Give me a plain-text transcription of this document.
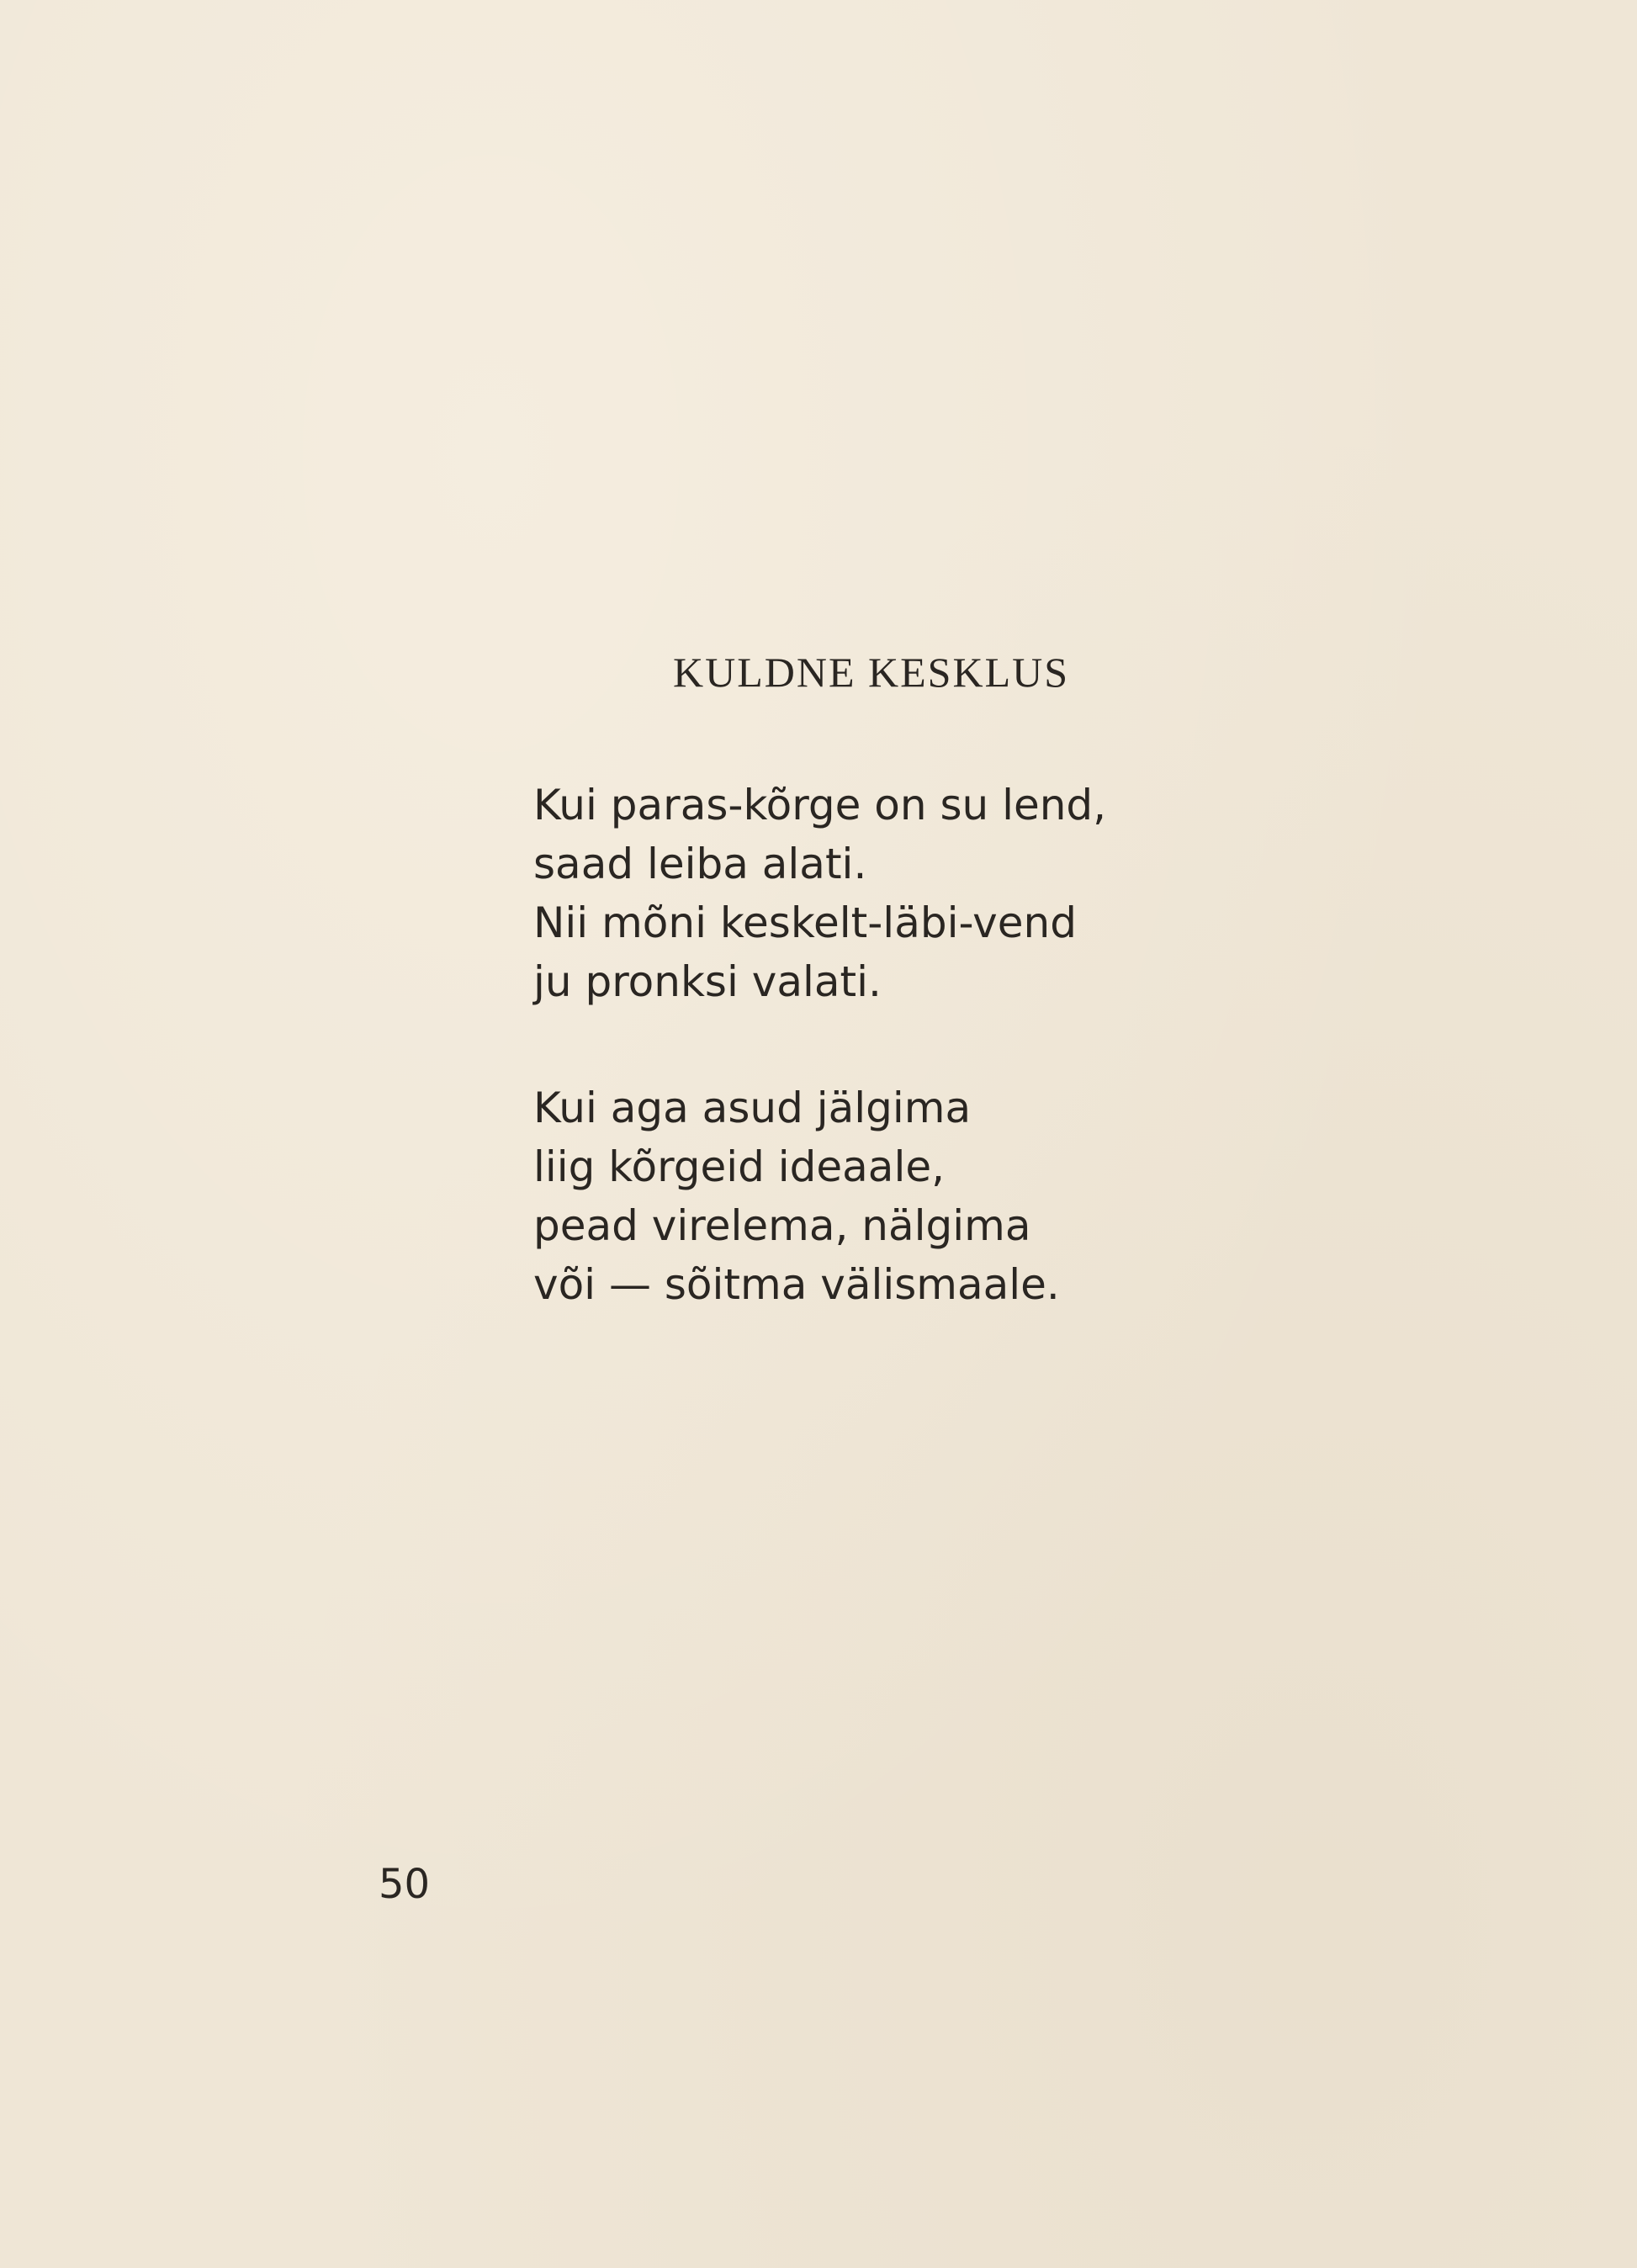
KULDNE KESKLUS
Kui paras-kõrge on su lend,
saad leiba alati.
Nii mõni keskelt-läbi-vend
ju pronksi valati.
Kui aga asud jälgima
liig kõrgeid ideaale,
pead virelema, nälgima
või — sõitma välismaale.
50
